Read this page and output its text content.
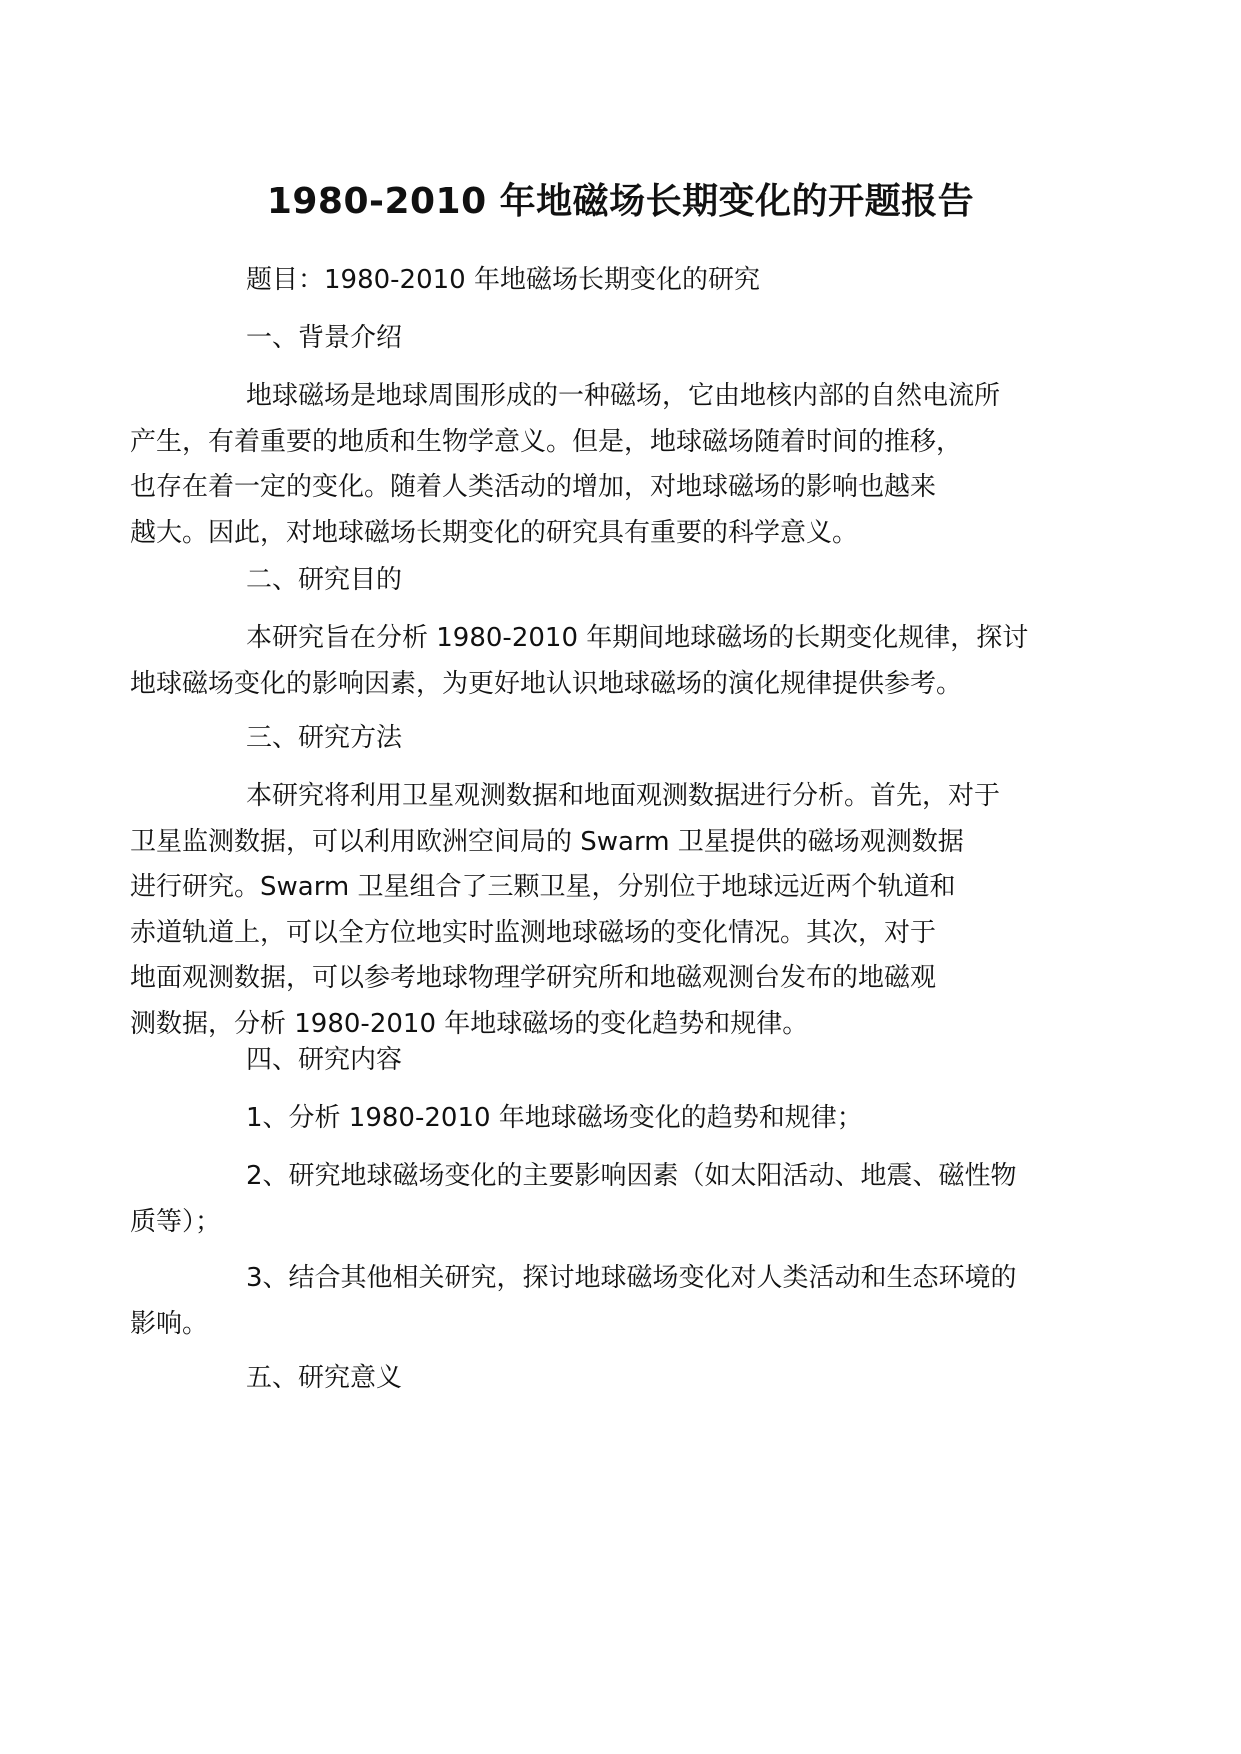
1980-2010 年地磁场长期变化的开题报告

题目：1980-2010 年地磁场长期变化的研究

一、背景介绍

地球磁场是地球周围形成的一种磁场，它由地核内部的自然电流所
产生，有着重要的地质和生物学意义。但是，地球磁场随着时间的推移，
也存在着一定的变化。随着人类活动的增加，对地球磁场的影响也越来
越大。因此，对地球磁场长期变化的研究具有重要的科学意义。

二、研究目的

本研究旨在分析 1980-2010 年期间地球磁场的长期变化规律，探讨
地球磁场变化的影响因素，为更好地认识地球磁场的演化规律提供参考。

三、研究方法

本研究将利用卫星观测数据和地面观测数据进行分析。首先，对于
卫星监测数据，可以利用欧洲空间局的 Swarm 卫星提供的磁场观测数据
进行研究。Swarm 卫星组合了三颗卫星，分别位于地球远近两个轨道和
赤道轨道上，可以全方位地实时监测地球磁场的变化情况。其次，对于
地面观测数据，可以参考地球物理学研究所和地磁观测台发布的地磁观
测数据，分析 1980-2010 年地球磁场的变化趋势和规律。

四、研究内容

1、分析 1980-2010 年地球磁场变化的趋势和规律；
2、研究地球磁场变化的主要影响因素（如太阳活动、地震、磁性物
质等）；
3、结合其他相关研究，探讨地球磁场变化对人类活动和生态环境的
影响。

五、研究意义
